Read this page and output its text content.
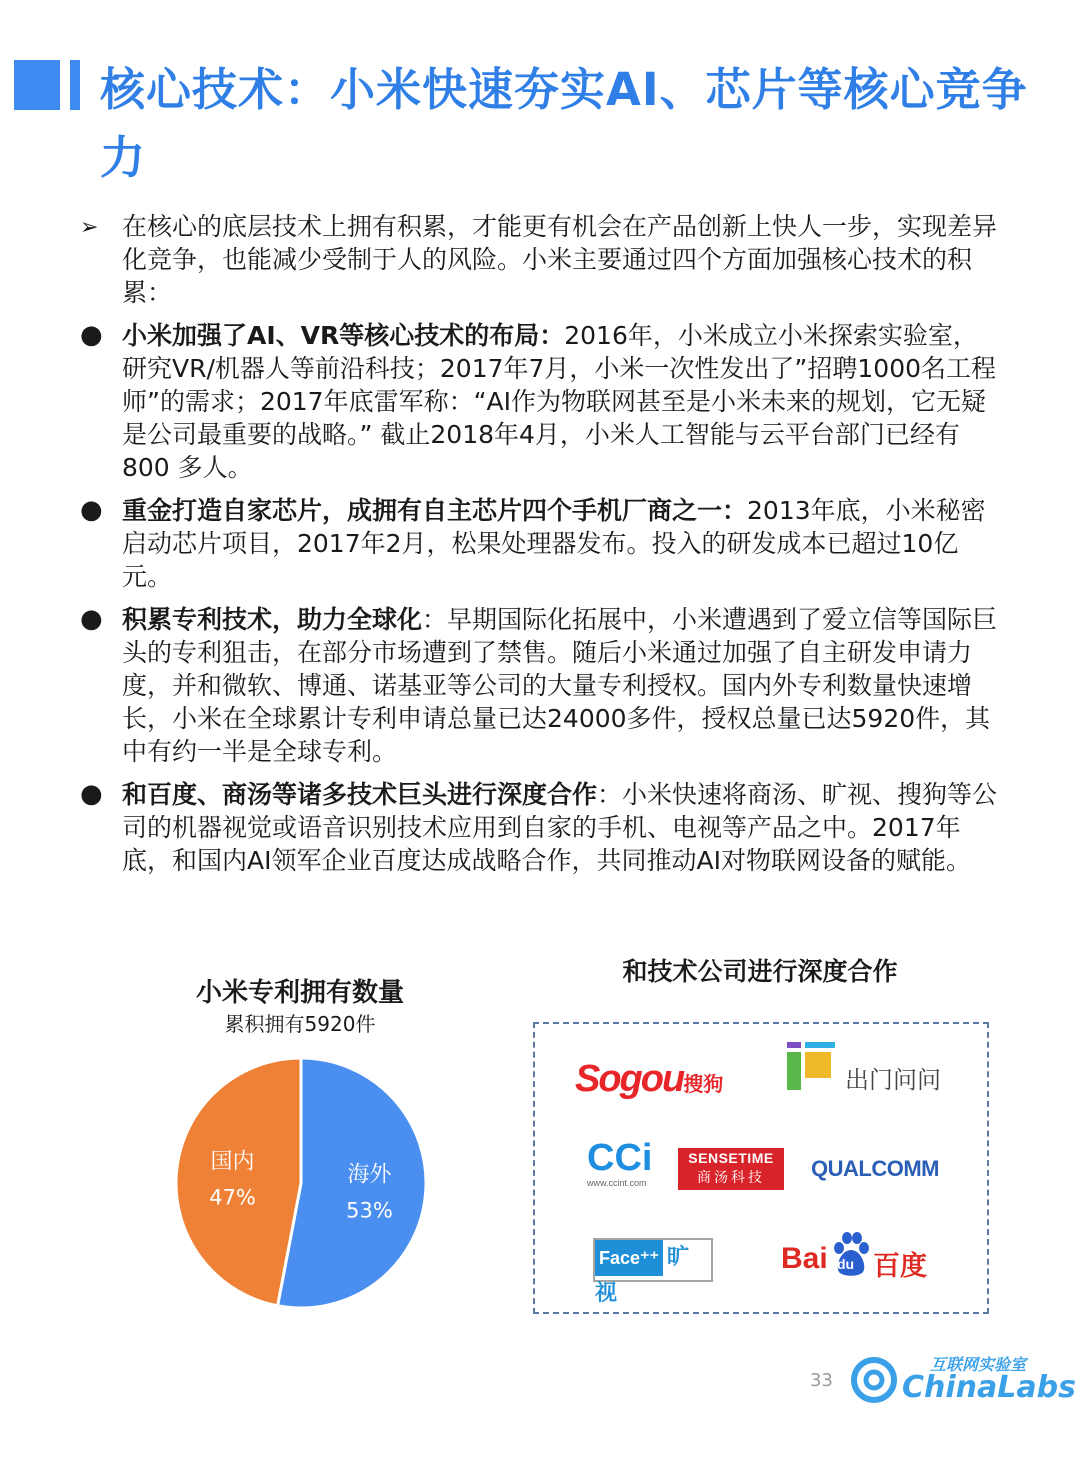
核心技术：小米快速夯实AI、芯片等核心竞争力
➢ 在核心的底层技术上拥有积累，才能更有机会在产品创新上快人一步，实现差异化竞争，也能减少受制于人的风险。小米主要通过四个方面加强核心技术的积累：
● 小米加强了AI、VR等核心技术的布局：2016年，小米成立小米探索实验室，研究VR/机器人等前沿科技；2017年7月，小米一次性发出了”招聘1000名工程师”的需求；2017年底雷军称：“AI作为物联网甚至是小米未来的规划，它无疑是公司最重要的战略。” 截止2018年4月，小米人工智能与云平台部门已经有 800 多人。
● 重金打造自家芯片，成拥有自主芯片四个手机厂商之一：2013年底，小米秘密启动芯片项目，2017年2月，松果处理器发布。投入的研发成本已超过10亿元。
● 积累专利技术，助力全球化：早期国际化拓展中，小米遭遇到了爱立信等国际巨头的专利狙击，在部分市场遭到了禁售。随后小米通过加强了自主研发申请力度，并和微软、博通、诺基亚等公司的大量专利授权。国内外专利数量快速增长，小米在全球累计专利申请总量已达24000多件，授权总量已达5920件，其中有约一半是全球专利。
● 和百度、商汤等诸多技术巨头进行深度合作：小米快速将商汤、旷视、搜狗等公司的机器视觉或语音识别技术应用到自家的手机、电视等产品之中。2017年底，和国内AI领军企业百度达成战略合作，共同推动AI对物联网设备的赋能。
小米专利拥有数量
累积拥有5920件
海外
53%
国内
47%
和技术公司进行深度合作
Sogou搜狗	出门问问
CCi
www.ccint.com
SENSETIME
商汤科技	QUALCOMM
Face⁺⁺ 旷视
Bai du 百度
33
互联网实验室
ChinaLabs
